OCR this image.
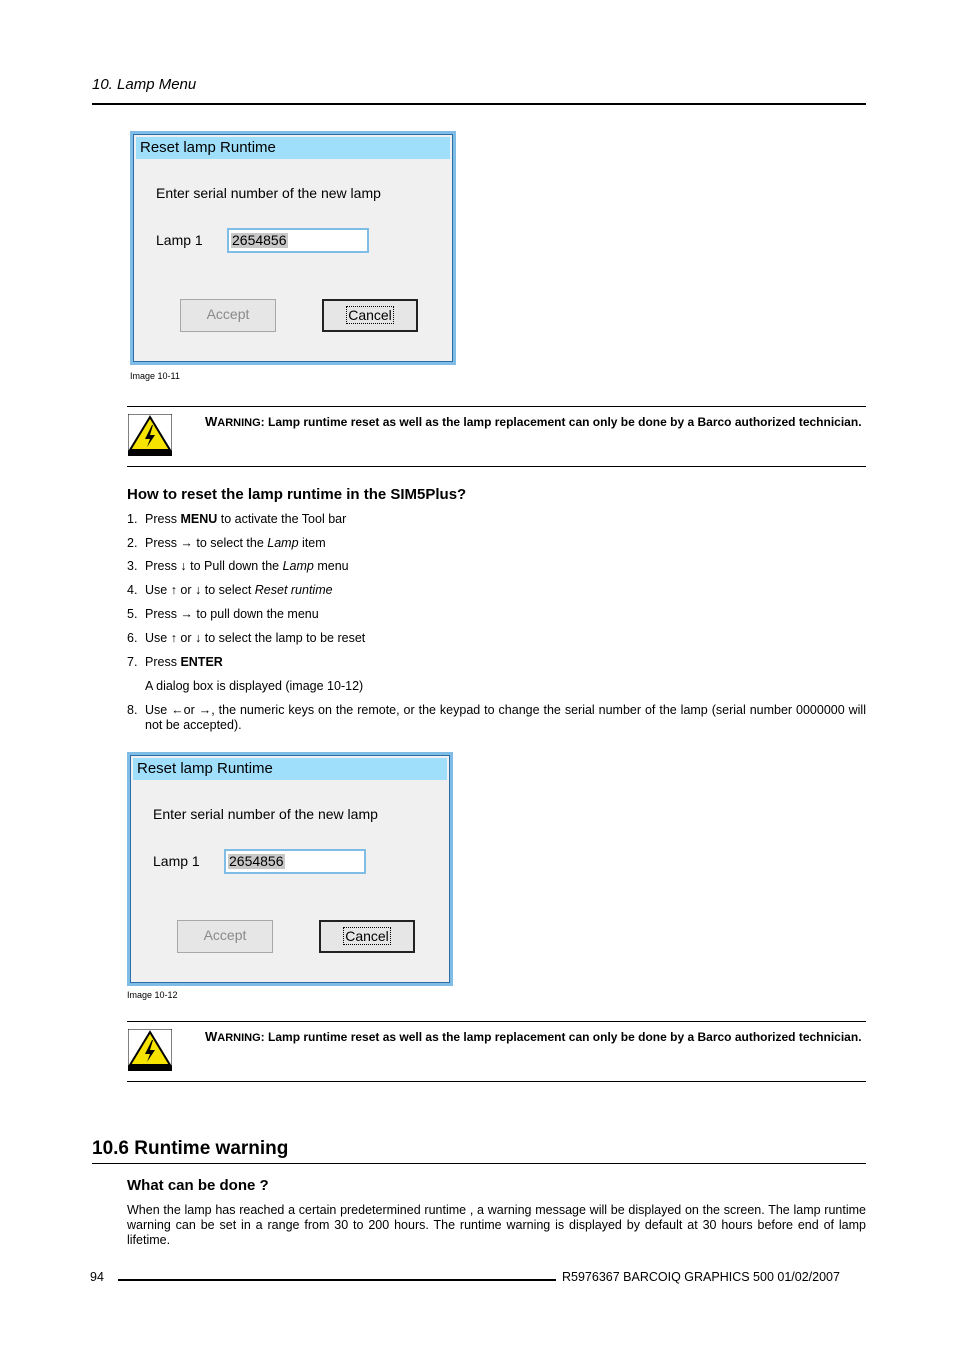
10. Lamp Menu
Reset lamp Runtime
Enter serial number of the new lamp
Lamp 1 2654856
Accept	Cancel
Image 10-11
WARNING: Lamp runtime reset as well as the lamp replacement can only be done by a Barco authorized technician.
How to reset the lamp runtime in the SIM5Plus?
1. Press MENU to activate the Tool bar
2. Press → to select the Lamp item
3. Press ↓ to Pull down the Lamp menu
4. Use ↑ or ↓ to select Reset runtime
5. Press → to pull down the menu
6. Use ↑ or ↓ to select the lamp to be reset
7. Press ENTER
A dialog box is displayed (image 10-12)
8. Use ←or →, the numeric keys on the remote, or the keypad to change the serial number of the lamp (serial number 0000000 will not be accepted).
Reset lamp Runtime
Enter serial number of the new lamp
Lamp 1 2654856
Accept	Cancel
Image 10-12
WARNING: Lamp runtime reset as well as the lamp replacement can only be done by a Barco authorized technician.
10.6 Runtime warning
What can be done ?
When the lamp has reached a certain predetermined runtime , a warning message will be displayed on the screen. The lamp runtime warning can be set in a range from 30 to 200 hours. The runtime warning is displayed by default at 30 hours before end of lamp lifetime.
94	R5976367 BARCOIQ GRAPHICS 500 01/02/2007
